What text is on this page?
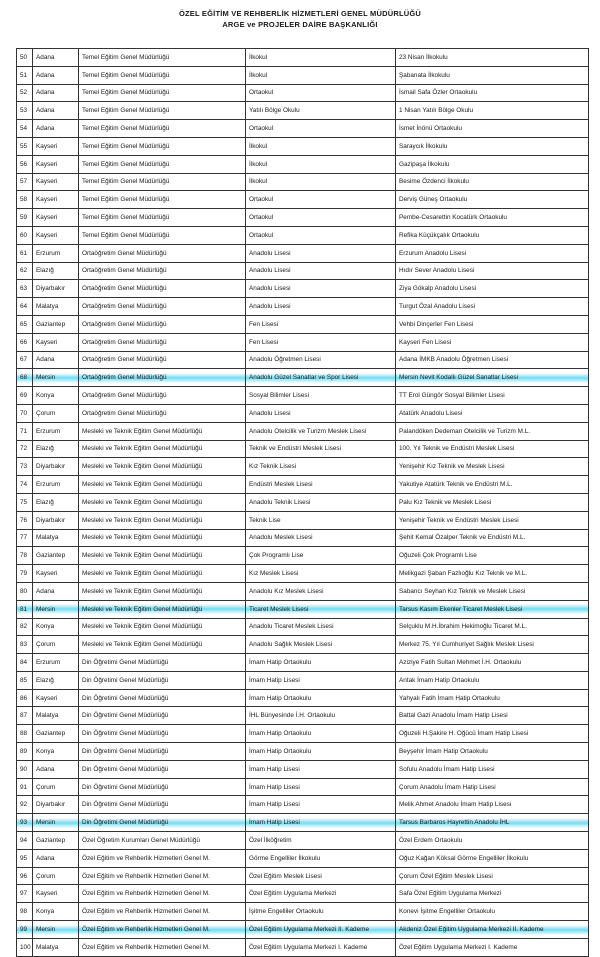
ÖZEL EĞİTİM VE REHBERLİK HİZMETLERİ GENEL MÜDÜRLÜĞÜ
ARGE ve PROJELER DAİRE BAŞKANLIĞI
50	Adana	Temel Eğitim Genel Müdürlüğü	İlkokul	23 Nisan İlkokulu
51	Adana	Temel Eğitim Genel Müdürlüğü	İlkokul	Şabanata İlkokulu
52	Adana	Temel Eğitim Genel Müdürlüğü	Ortaokul	İsmail Safa Özler Ortaokulu
53	Adana	Temel Eğitim Genel Müdürlüğü	Yatılı Bölge Okulu	1 Nisan Yatılı Bölge Okulu
54	Adana	Temel Eğitim Genel Müdürlüğü	Ortaokul	İsmet İnönü Ortaokulu
55	Kayseri	Temel Eğitim Genel Müdürlüğü	İlkokul	Saraycık İlkokulu
56	Kayseri	Temel Eğitim Genel Müdürlüğü	İlkokul	Gazipaşa İlkokulu
57	Kayseri	Temel Eğitim Genel Müdürlüğü	İlkokul	Besime Özdenci İlkokulu
58	Kayseri	Temel Eğitim Genel Müdürlüğü	Ortaokul	Derviş Güneş Ortaokulu
59	Kayseri	Temel Eğitim Genel Müdürlüğü	Ortaokul	Pembe-Cesarettin Kocatürk Ortaokulu
60	Kayseri	Temel Eğitim Genel Müdürlüğü	Ortaokul	Refika Küçükçalık Ortaokulu
61	Erzurum	Ortaöğretim Genel Müdürlüğü	Anadolu Lisesi	Erzurum Anadolu Lisesi
62	Elazığ	Ortaöğretim Genel Müdürlüğü	Anadolu Lisesi	Hıdır Sever Anadolu Lisesi
63	Diyarbakır	Ortaöğretim Genel Müdürlüğü	Anadolu Lisesi	Ziya Gökalp Anadolu Lisesi
64	Malatya	Ortaöğretim Genel Müdürlüğü	Anadolu Lisesi	Turgut Özal Anadolu Lisesi
65	Gaziantep	Ortaöğretim Genel Müdürlüğü	Fen Lisesi	Vehbi Dinçerler Fen Lisesi
66	Kayseri	Ortaöğretim Genel Müdürlüğü	Fen Lisesi	Kayseri Fen Lisesi
67	Adana	Ortaöğretim Genel Müdürlüğü	Anadolu Öğretmen Lisesi	Adana İMKB Anadolu Öğretmen Lisesi
68	Mersin	Ortaöğretim Genel Müdürlüğü	Anadolu Güzel Sanatlar ve Spor Lisesi	Mersin Nevit Kodallı Güzel Sanatlar Lisesi
69	Konya	Ortaöğretim Genel Müdürlüğü	Sosyal Bilimler Lisesi	TT Erol Güngör Sosyal Bilimler Lisesi
70	Çorum	Ortaöğretim Genel Müdürlüğü	Anadolu Lisesi	Atatürk Anadolu Lisesi
71	Erzurum	Mesleki ve Teknik Eğitim Genel Müdürlüğü	Anadolu Otelcilik ve Turizm Meslek Lisesi	Palandöken Dedeman Otelcilik ve Turizm M.L.
72	Elazığ	Mesleki ve Teknik Eğitim Genel Müdürlüğü	Teknik ve Endüstri Meslek Lisesi	100. Yıl Teknik ve Endüstri Meslek Lisesi
73	Diyarbakır	Mesleki ve Teknik Eğitim Genel Müdürlüğü	Kız Teknik Lisesi	Yenişehir Kız Teknik ve Meslek Lisesi
74	Erzurum	Mesleki ve Teknik Eğitim Genel Müdürlüğü	Endüstri Meslek Lisesi	Yakutiye Atatürk Teknik ve Endüstri M.L.
75	Elazığ	Mesleki ve Teknik Eğitim Genel Müdürlüğü	Anadolu Teknik Lisesi	Palu Kız Teknik ve Meslek Lisesi
76	Diyarbakır	Mesleki ve Teknik Eğitim Genel Müdürlüğü	Teknik Lise	Yenişehir Teknik ve Endüstri Meslek Lisesi
77	Malatya	Mesleki ve Teknik Eğitim Genel Müdürlüğü	Anadolu Meslek Lisesi	Şehit Kemal Özalper Teknik ve Endüstri M.L.
78	Gaziantep	Mesleki ve Teknik Eğitim Genel Müdürlüğü	Çok Programlı Lise	Oğuzeli Çok Programlı Lise
79	Kayseri	Mesleki ve Teknik Eğitim Genel Müdürlüğü	Kız Meslek Lisesi	Melikgazi Şaban Fazlıoğlu Kız Teknik ve M.L.
80	Adana	Mesleki ve Teknik Eğitim Genel Müdürlüğü	Anadolu Kız Meslek Lisesi	Sabancı Seyhan Kız Teknik ve Meslek Lisesi
81	Mersin	Mesleki ve Teknik Eğitim Genel Müdürlüğü	Ticaret Meslek Lisesi	Tarsus Kasım Ekenler Ticaret Meslek Lisesi
82	Konya	Mesleki ve Teknik Eğitim Genel Müdürlüğü	Anadolu Ticaret Meslek Lisesi	Selçuklu M.H.İbrahim Hekimoğlu Ticaret M.L.
83	Çorum	Mesleki ve Teknik Eğitim Genel Müdürlüğü	Anadolu Sağlık Meslek Lisesi	Merkez 75. Yıl Cumhuriyet Sağlık Meslek Lisesi
84	Erzurum	Din Öğretimi Genel Müdürlüğü	İmam Hatip Ortaokulu	Aziziye Fatih Sultan Mehmet İ.H. Ortaokulu
85	Elazığ	Din Öğretimi Genel Müdürlüğü	İmam Hatip Lisesi	Antak İmam Hatip Ortaokulu
86	Kayseri	Din Öğretimi Genel Müdürlüğü	İmam Hatip Ortaokulu	Yahyalı Fatih İmam Hatip Ortaokulu
87	Malatya	Din Öğretimi Genel Müdürlüğü	İHL Bünyesinde İ.H. Ortaokulu	Battal Gazi Anadolu İmam Hatip Lisesi
88	Gaziantep	Din Öğretimi Genel Müdürlüğü	İmam Hatip Ortaokulu	Oğuzeli H.Şakire H. Oğücü İmam Hatip Lisesi
89	Konya	Din Öğretimi Genel Müdürlüğü	İmam Hatip Ortaokulu	Beyşehir İmam Hatip Ortaokulu
90	Adana	Din Öğretimi Genel Müdürlüğü	İmam Hatip Lisesi	Sofulu Anadolu İmam Hatip Lisesi
91	Çorum	Din Öğretimi Genel Müdürlüğü	İmam Hatip Lisesi	Çorum Anadolu İmam Hatip Lisesi
92	Diyarbakır	Din Öğretimi Genel Müdürlüğü	İmam Hatip Lisesi	Melik Ahmet Anadolu İmam Hatip Lisesi
93	Mersin	Din Öğretimi Genel Müdürlüğü	İmam Hatip Lisesi	Tarsus Barbaros Hayrettin Anadolu İHL
94	Gaziantep	Özel Öğretim Kurumları Genel Müdürlüğü	Özel İlköğretim	Özel Erdem Ortaokulu
95	Adana	Özel Eğitim ve Rehberlik Hizmetleri Genel M.	Görme Engelliler İlkokulu	Oğuz Kağan Köksal Görme Engelliler İlkokulu
96	Çorum	Özel Eğitim ve Rehberlik Hizmetleri Genel M.	Özel Eğitim Meslek Lisesi	Çorum Özel Eğitim Meslek Lisesi
97	Kayseri	Özel Eğitim ve Rehberlik Hizmetleri Genel M.	Özel Eğitim Uygulama Merkezi	Safa Özel Eğitim Uygulama Merkezi
98	Konya	Özel Eğitim ve Rehberlik Hizmetleri Genel M.	İşitme Engelliler Ortaokulu	Konevi İşitme Engelliler Ortaokulu
99	Mersin	Özel Eğitim ve Rehberlik Hizmetleri Genel M.	Özel Eğitim Uygulama Merkezi II. Kademe	Akdeniz Özel Eğitim Uygulama Merkezi II. Kademe
100	Malatya	Özel Eğitim ve Rehberlik Hizmetleri Genel M.	Özel Eğitim Uygulama Merkezi I. Kademe	Özel Eğitim Uygulama Merkezi I. Kademe
